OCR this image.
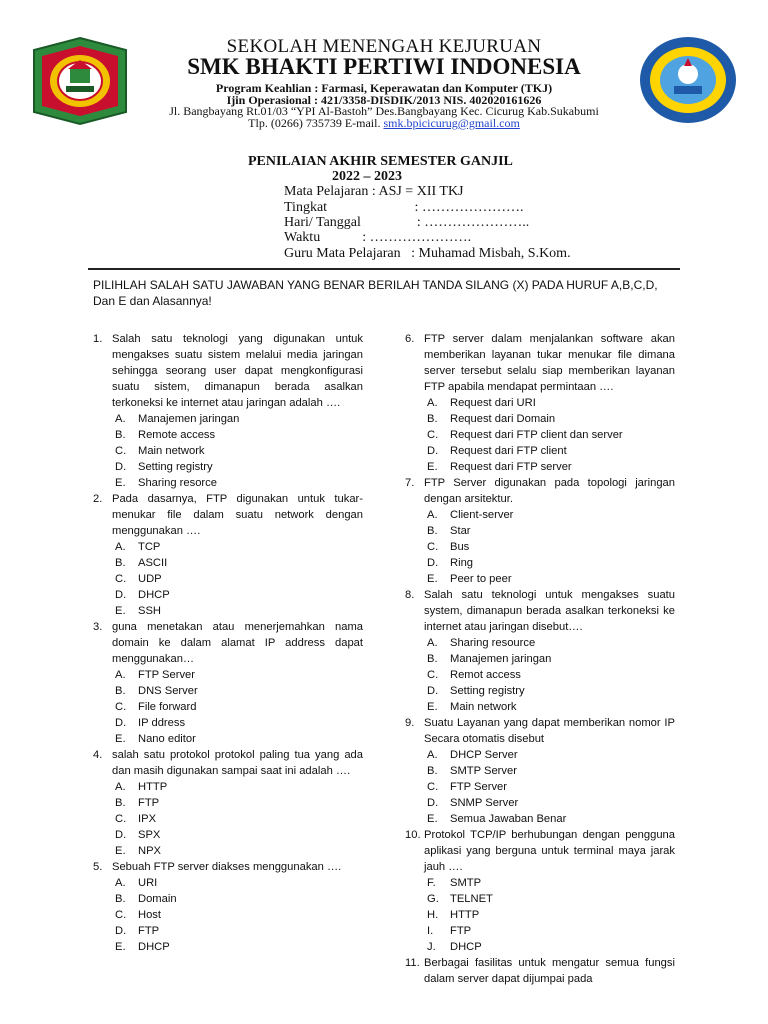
SEKOLAH MENENGAH KEJURUAN
SMK BHAKTI PERTIWI INDONESIA
Program Keahlian : Farmasi, Keperawatan dan Komputer (TKJ)
Ijin Operasional : 421/3358-DISDIK/2013 NIS. 402020161626
Jl. Bangbayang Rt.01/03 “YPI Al-Bastoh” Des.Bangbayang Kec. Cicurug Kab.Sukabumi
Tlp. (0266) 735739 E-mail. smk.bpicicurug@gmail.com
PENILAIAN AKHIR SEMESTER GANJIL
2022 – 2023
Mata Pelajaran : ASJ = XII TKJ
Tingkat                         : ………………….
Hari/ Tanggal                : …………………..
Waktu            : ………………….
Guru Mata Pelajaran   : Muhamad Misbah, S.Kom.
PILIHLAH SALAH SATU JAWABAN YANG BENAR BERILAH TANDA SILANG (X) PADA HURUF A,B,C,D, Dan E dan Alasannya!
1. Salah satu teknologi yang digunakan untuk mengakses suatu sistem melalui media jaringan sehingga seorang user dapat mengkonfigurasi suatu sistem, dimanapun berada asalkan terkoneksi ke internet atau jaringan adalah ….
A. Manajemen jaringan
B. Remote access
C. Main network
D. Setting registry
E. Sharing resorce
2. Pada dasarnya, FTP digunakan untuk tukar-menukar file dalam suatu network dengan menggunakan ….
A. TCP
B. ASCII
C. UDP
D. DHCP
E. SSH
3. guna menetakan atau menerjemahkan nama domain ke dalam alamat IP address dapat menggunakan…
A. FTP Server
B. DNS Server
C. File forward
D. IP ddress
E. Nano editor
4. salah satu protokol protokol paling tua yang ada dan masih digunakan sampai saat ini adalah ….
A. HTTP
B. FTP
C. IPX
D. SPX
E. NPX
5. Sebuah FTP server diakses menggunakan ….
A. URI
B. Domain
C. Host
D. FTP
E. DHCP
6. FTP server dalam menjalankan software akan memberikan layanan tukar menukar file dimana server tersebut selalu siap memberikan layanan FTP apabila mendapat permintaan ….
A. Request dari URI
B. Request dari Domain
C. Request dari FTP client dan server
D. Request dari FTP client
E. Request dari FTP server
7. FTP Server digunakan pada topologi jaringan dengan arsitektur.
A. Client-server
B. Star
C. Bus
D. Ring
E. Peer to peer
8. Salah satu teknologi untuk mengakses suatu system, dimanapun berada asalkan terkoneksi ke internet atau jaringan disebut….
A. Sharing resource
B. Manajemen jaringan
C. Remot access
D. Setting registry
E. Main network
9. Suatu Layanan yang dapat memberikan nomor IP Secara otomatis disebut
A. DHCP Server
B. SMTP Server
C. FTP Server
D. SNMP Server
E. Semua Jawaban Benar
10. Protokol TCP/IP berhubungan dengan pengguna aplikasi yang berguna untuk terminal maya jarak jauh ….
F. SMTP
G. TELNET
H. HTTP
I. FTP
J. DHCP
11. Berbagai fasilitas untuk mengatur semua fungsi dalam server dapat dijumpai pada
